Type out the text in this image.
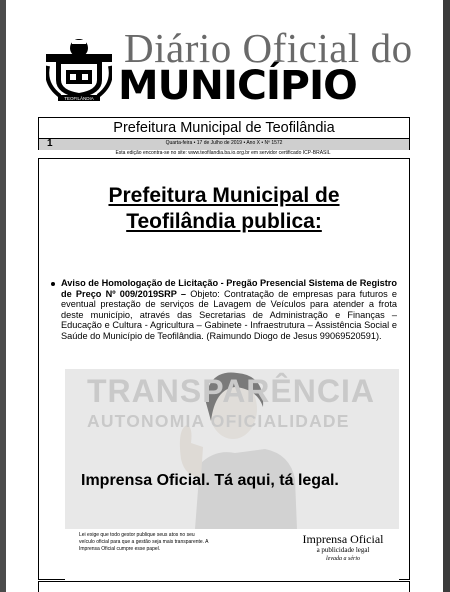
TEOFILÂNDIA
Diário Oficial do
MUNICÍPIO
Prefeitura Municipal de Teofilândia
1	Quarta-feira • 17 de Julho de 2019 • Ano X • Nº 1572
Esta edição encontra-se no site: www.teofilandia.ba.io.org.br em servidor certificado ICP-BRASIL
Prefeitura Municipal de
Teofilândia publica:
Aviso de Homologação de Licitação - Pregão Presencial Sistema de Registro de Preço Nº 009/2019SRP – Objeto: Contratação de empresas para futuros e eventual prestação de serviços de Lavagem de Veículos para atender a frota deste município, através das Secretarias de Administração e Finanças – Educação e Cultura - Agricultura – Gabinete - Infraestrutura – Assistência Social e Saúde do Município de Teofilândia. (Raimundo Diogo de Jesus 99069520591).
TRANSPARÊNCIA
AUTONOMIA OFICIALIDADE
Imprensa Oficial. Tá aqui, tá legal.
Lei exige que todo gestor publique seus atos no seu veículo oficial para que a gestão seja mais transparente. A Imprensa Oficial cumpre esse papel.
Imprensa Oficial
a publicidade legal
levada a sério
